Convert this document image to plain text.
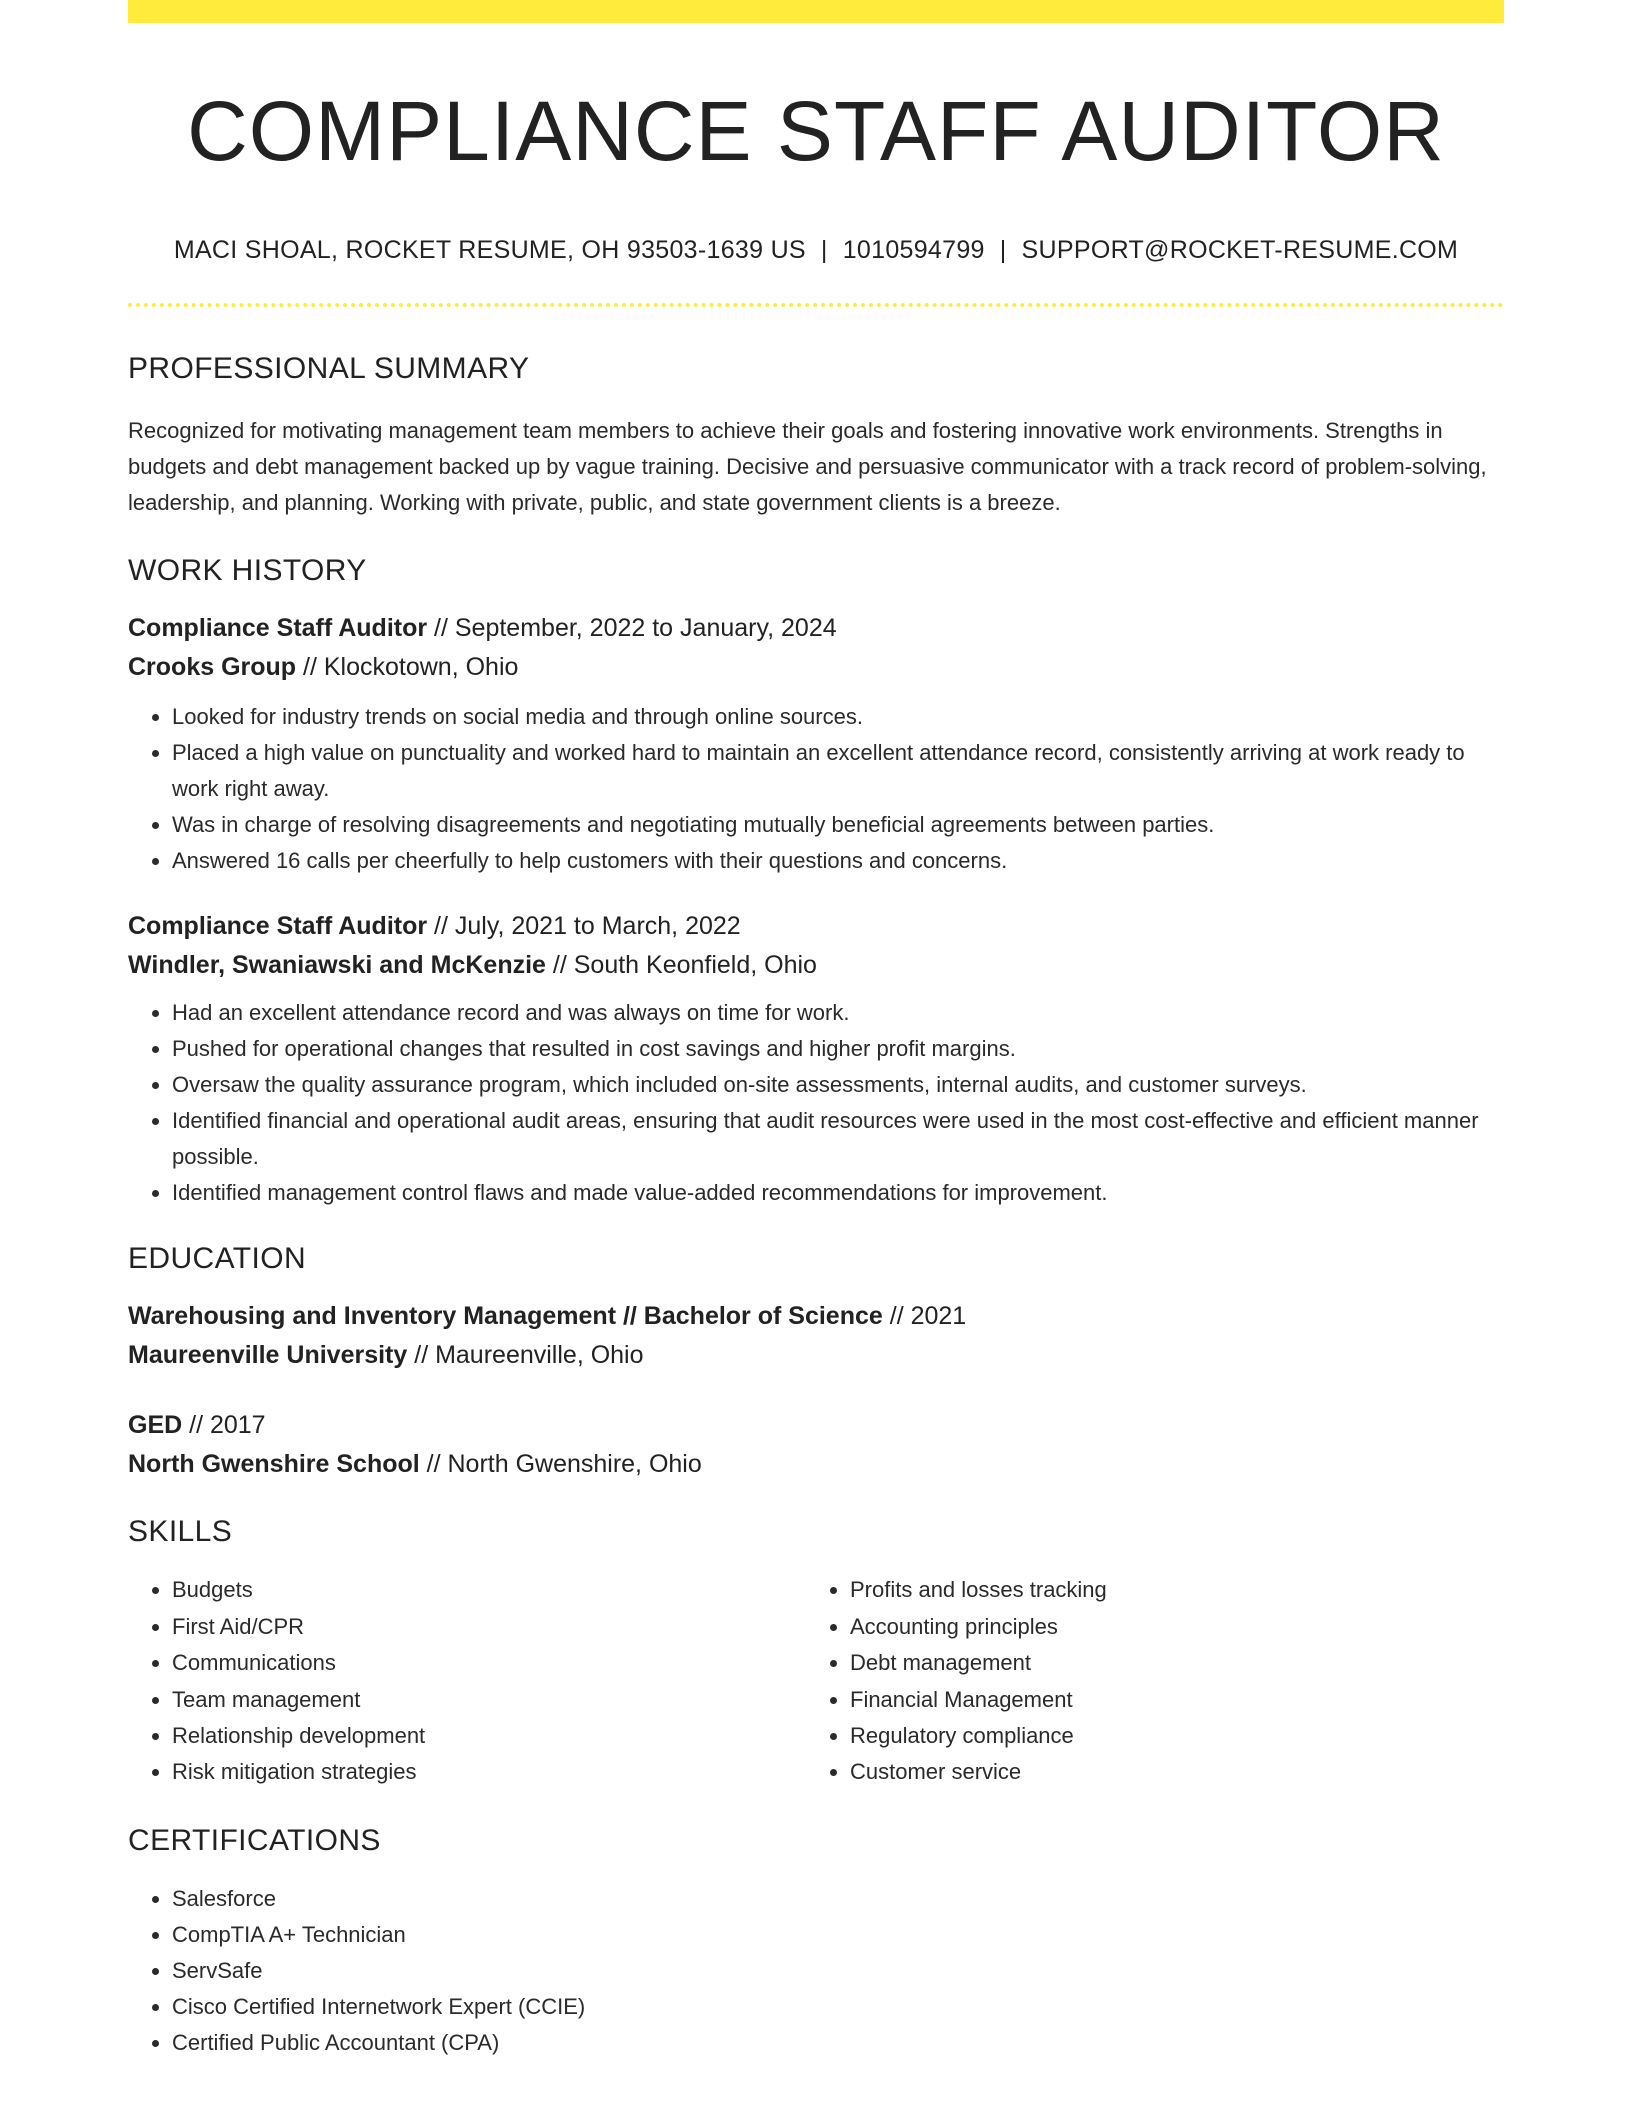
COMPLIANCE STAFF AUDITOR
MACI SHOAL, ROCKET RESUME, OH 93503-1639 US | 1010594799 | SUPPORT@ROCKET-RESUME.COM
PROFESSIONAL SUMMARY

Recognized for motivating management team members to achieve their goals and fostering innovative work environments. Strengths in budgets and debt management backed up by vague training. Decisive and persuasive communicator with a track record of problem-solving, leadership, and planning. Working with private, public, and state government clients is a breeze.

WORK HISTORY
Compliance Staff Auditor // September, 2022 to January, 2024
Crooks Group // Klockotown, Ohio
• Looked for industry trends on social media and through online sources.
• Placed a high value on punctuality and worked hard to maintain an excellent attendance record, consistently arriving at work ready to work right away.
• Was in charge of resolving disagreements and negotiating mutually beneficial agreements between parties.
• Answered 16 calls per cheerfully to help customers with their questions and concerns.
Compliance Staff Auditor // July, 2021 to March, 2022
Windler, Swaniawski and McKenzie // South Keonfield, Ohio
• Had an excellent attendance record and was always on time for work.
• Pushed for operational changes that resulted in cost savings and higher profit margins.
• Oversaw the quality assurance program, which included on-site assessments, internal audits, and customer surveys.
• Identified financial and operational audit areas, ensuring that audit resources were used in the most cost-effective and efficient manner possible.
• Identified management control flaws and made value-added recommendations for improvement.
EDUCATION
Warehousing and Inventory Management // Bachelor of Science // 2021
Maureenville University // Maureenville, Ohio
GED // 2017
North Gwenshire School // North Gwenshire, Ohio
SKILLS
• Budgets
• First Aid/CPR
• Communications
• Team management
• Relationship development
• Risk mitigation strategies
• Profits and losses tracking
• Accounting principles
• Debt management
• Financial Management
• Regulatory compliance
• Customer service
CERTIFICATIONS
• Salesforce
• CompTIA A+ Technician
• ServSafe
• Cisco Certified Internetwork Expert (CCIE)
• Certified Public Accountant (CPA)
